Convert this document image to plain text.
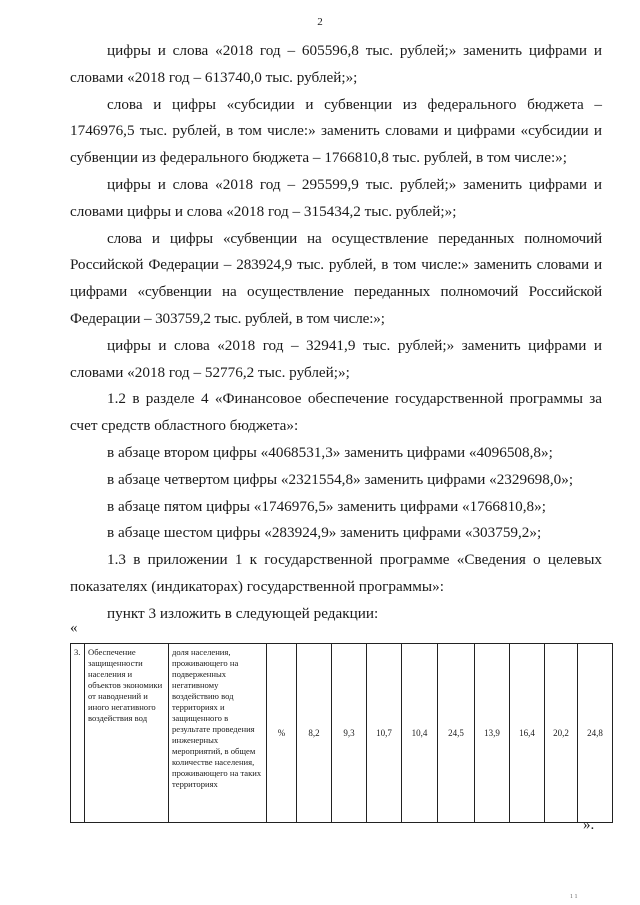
2

цифры и слова «2018 год – 605596,8 тыс. рублей;» заменить цифрами и словами «2018 год – 613740,0 тыс. рублей;»;

слова и цифры «субсидии и субвенции из федерального бюджета – 1746976,5 тыс. рублей, в том числе:» заменить словами и цифрами «субсидии и субвенции из федерального бюджета – 1766810,8 тыс. рублей, в том числе:»;

цифры и слова «2018 год – 295599,9 тыс. рублей;» заменить цифрами и словами цифры и слова «2018 год – 315434,2 тыс. рублей;»;

слова и цифры «субвенции на осуществление переданных полномочий Российской Федерации – 283924,9 тыс. рублей, в том числе:» заменить словами и цифрами «субвенции на осуществление переданных полномочий Российской Федерации – 303759,2 тыс. рублей, в том числе:»;

цифры и слова «2018 год – 32941,9 тыс. рублей;» заменить цифрами и словами «2018 год – 52776,2 тыс. рублей;»;

1.2 в разделе 4 «Финансовое обеспечение государственной программы за счет средств областного бюджета»:

в абзаце втором цифры «4068531,3» заменить цифрами «4096508,8»;

в абзаце четвертом цифры «2321554,8» заменить цифрами «2329698,0»;

в абзаце пятом цифры «1746976,5» заменить цифрами «1766810,8»;

в абзаце шестом цифры «283924,9» заменить цифрами «303759,2»;

1.3 в приложении 1 к государственной программе «Сведения о целевых показателях (индикаторах) государственной программы»:

пункт 3 изложить в следующей редакции:

«
3.	Обеспечение защищенности населения и объектов экономики от наводнений и иного негативного воздействия вод	доля населения, проживающего на подверженных негативному воздействию вод территориях и защищенного в результате проведения инженерных мероприятий, в общем количестве населения, проживающего на таких территориях	%	8,2	9,3	10,7	10,4	24,5	13,9	16,4	20,2	24,8
».
1 1
